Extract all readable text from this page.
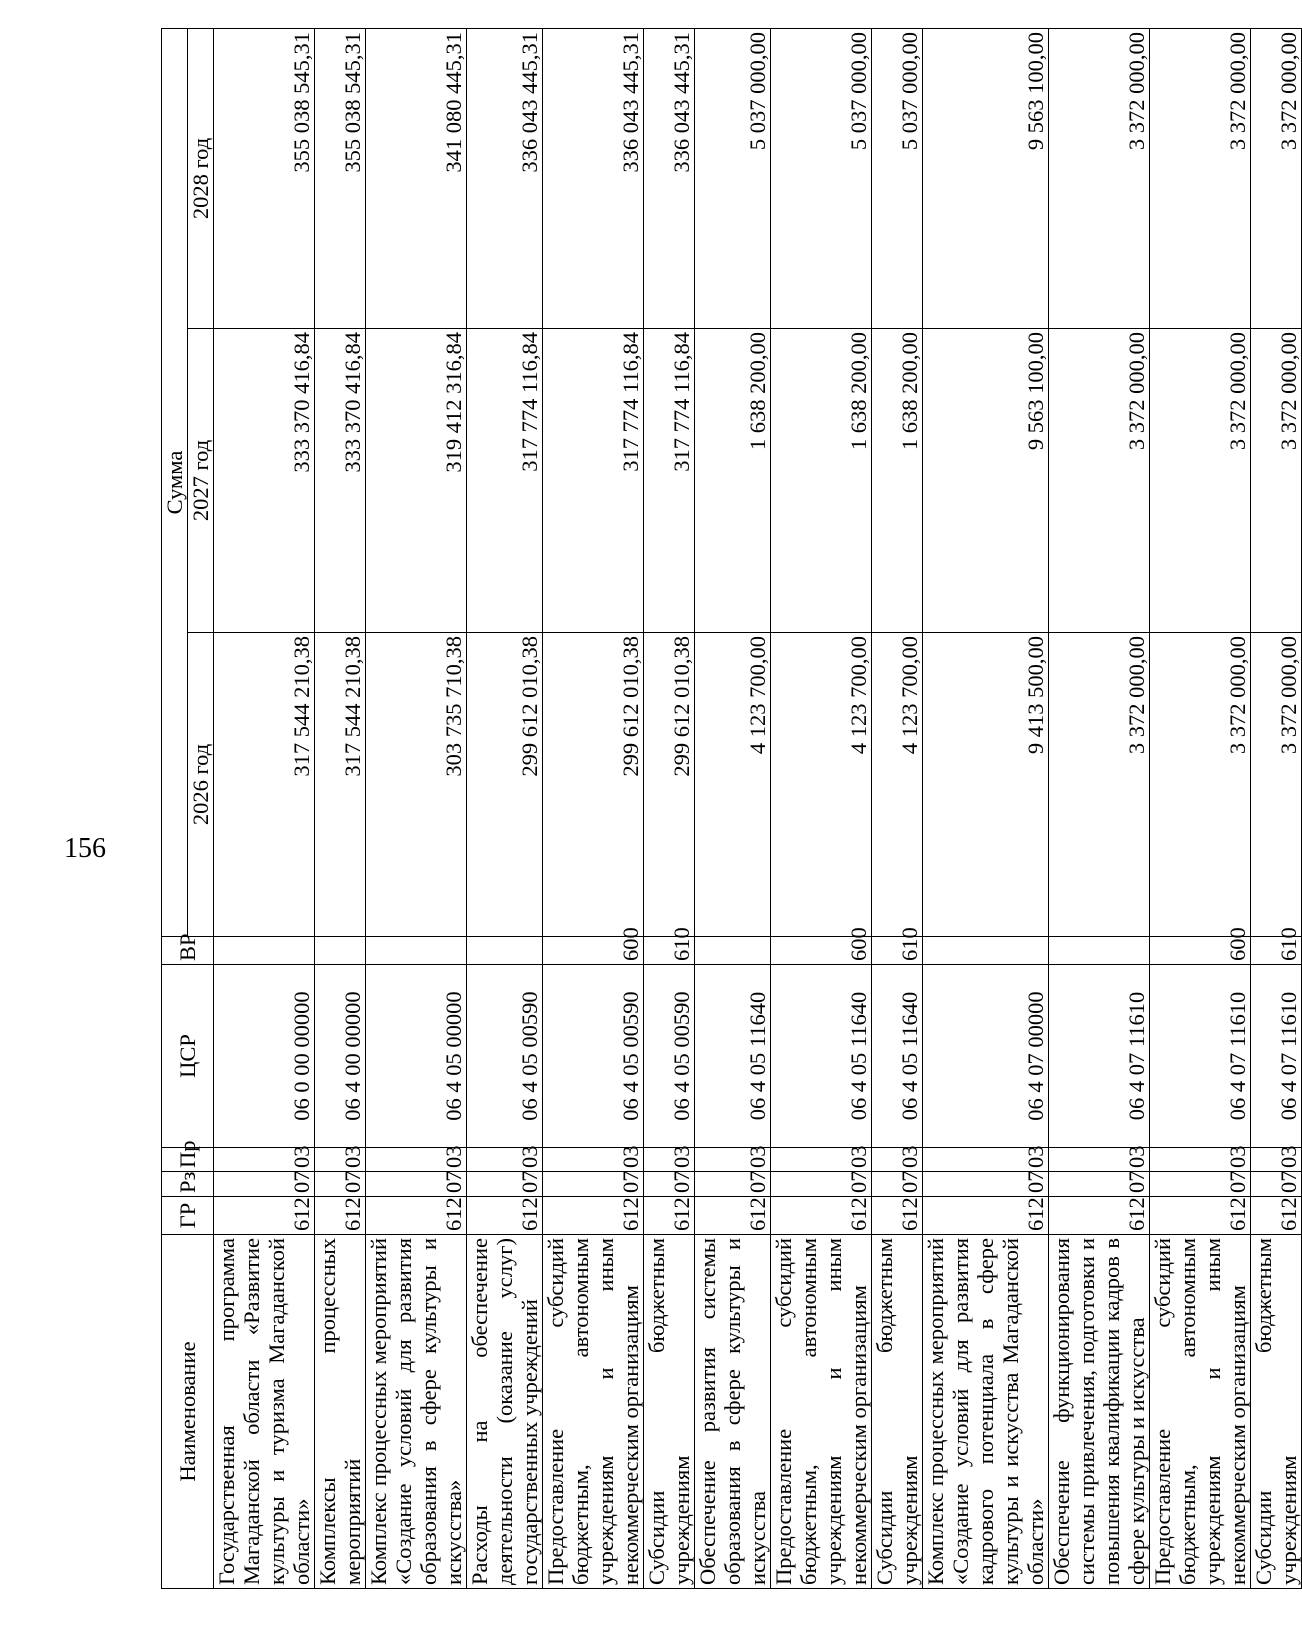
156
Наименование	ГР	Рз	Пр	ЦСР	ВР	Сумма		
						2026 год	2027 год	2028 год
Государственная программа Магаданской области «Развитие культуры и туризма Магаданской области»	612	07	03	06 0 00 00000		317 544 210,38	333 370 416,84	355 038 545,31
Комплексы процессных мероприятий	612	07	03	06 4 00 00000		317 544 210,38	333 370 416,84	355 038 545,31
Комплекс процессных мероприятий «Создание условий для развития образования в сфере культуры и искусства»	612	07	03	06 4 05 00000		303 735 710,38	319 412 316,84	341 080 445,31
Расходы на обеспечение деятельности (оказание услуг) государственных учреждений	612	07	03	06 4 05 00590		299 612 010,38	317 774 116,84	336 043 445,31
Предоставление субсидий бюджетным, автономным учреждениям и иным некоммерческим организациям	612	07	03	06 4 05 00590	600	299 612 010,38	317 774 116,84	336 043 445,31
Субсидии бюджетным учреждениям	612	07	03	06 4 05 00590	610	299 612 010,38	317 774 116,84	336 043 445,31
Обеспечение развития системы образования в сфере культуры и искусства	612	07	03	06 4 05 11640		4 123 700,00	1 638 200,00	5 037 000,00
Предоставление субсидий бюджетным, автономным учреждениям и иным некоммерческим организациям	612	07	03	06 4 05 11640	600	4 123 700,00	1 638 200,00	5 037 000,00
Субсидии бюджетным учреждениям	612	07	03	06 4 05 11640	610	4 123 700,00	1 638 200,00	5 037 000,00
Комплекс процессных мероприятий «Создание условий для развития кадрового потенциала в сфере культуры и искусства Магаданской области»	612	07	03	06 4 07 00000		9 413 500,00	9 563 100,00	9 563 100,00
Обеспечение функционирования системы привлечения, подготовки и повышения квалификации кадров в сфере культуры и искусства	612	07	03	06 4 07 11610		3 372 000,00	3 372 000,00	3 372 000,00
Предоставление субсидий бюджетным, автономным учреждениям и иным некоммерческим организациям	612	07	03	06 4 07 11610	600	3 372 000,00	3 372 000,00	3 372 000,00
Субсидии бюджетным учреждениям	612	07	03	06 4 07 11610	610	3 372 000,00	3 372 000,00	3 372 000,00
